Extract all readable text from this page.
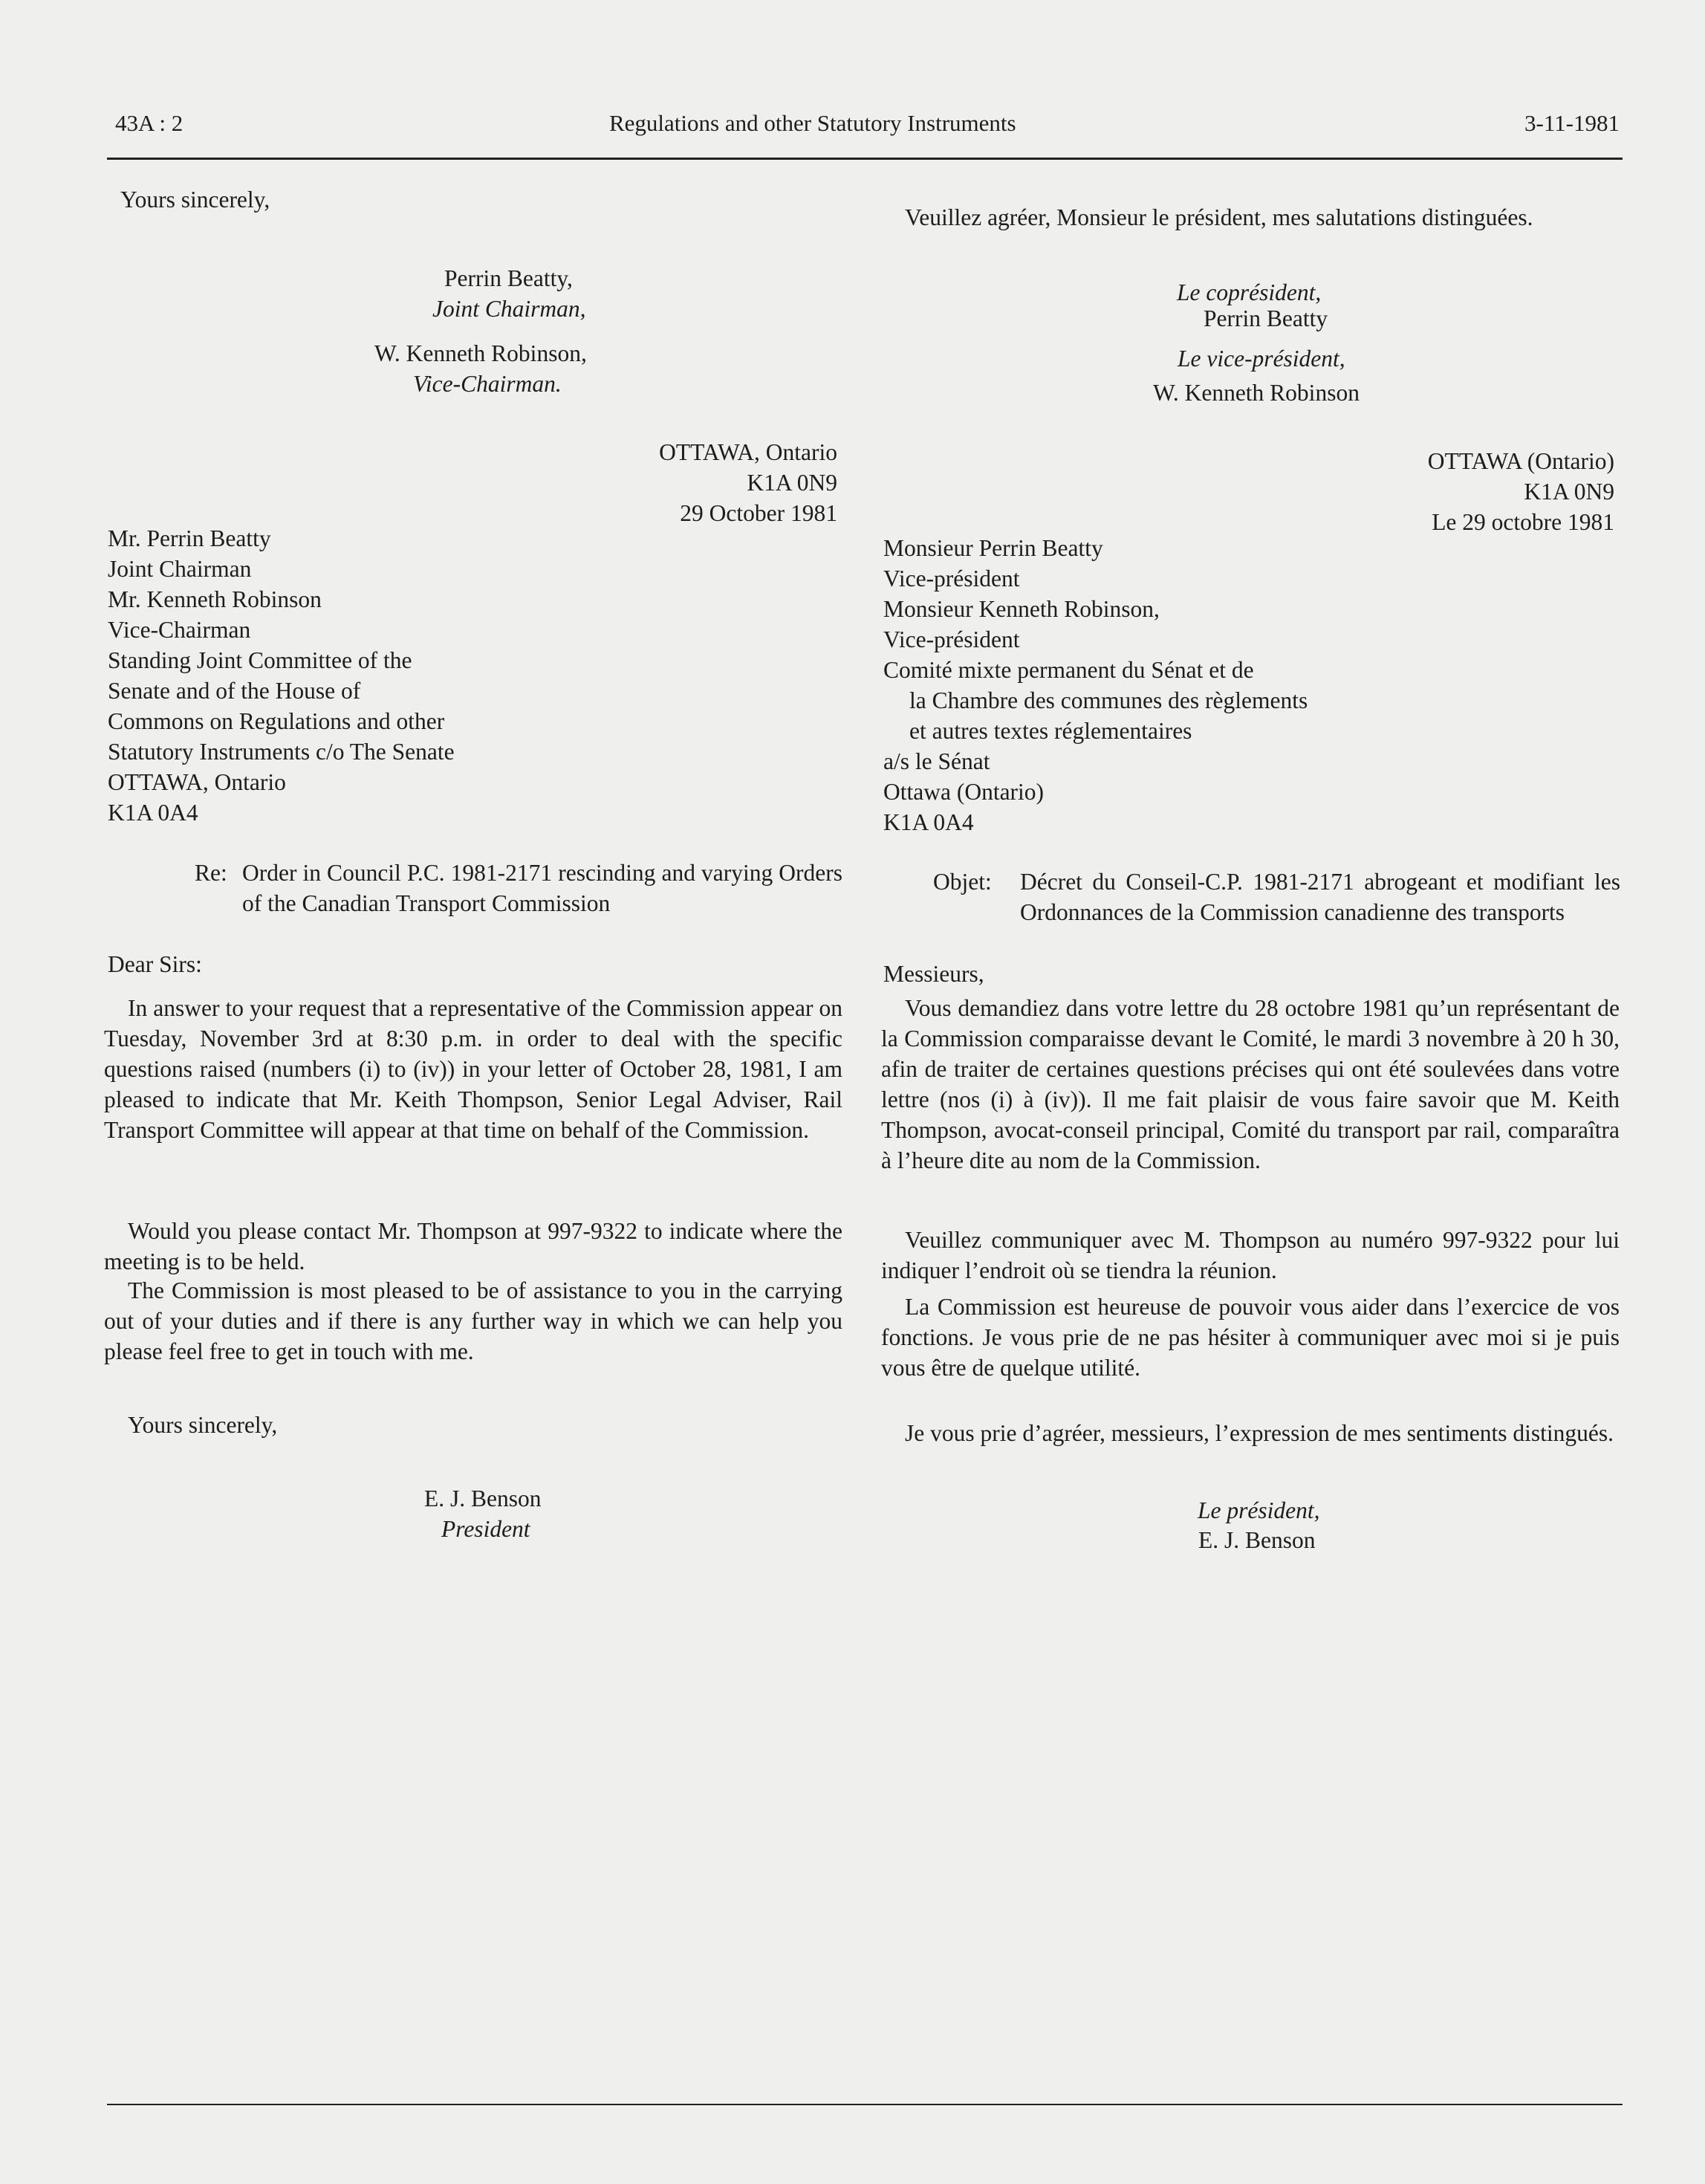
43A : 2	Regulations and other Statutory Instruments	3-11-1981
Yours sincerely,
Perrin Beatty,
Joint Chairman,
W. Kenneth Robinson,
Vice-Chairman.
OTTAWA, Ontario
K1A 0N9
29 October 1981
Mr. Perrin Beatty
Joint Chairman
Mr. Kenneth Robinson
Vice-Chairman
Standing Joint Committee of the
Senate and of the House of
Commons on Regulations and other
Statutory Instruments c/o The Senate
OTTAWA, Ontario
K1A 0A4
Re: Order in Council P.C. 1981-2171 rescinding and varying Orders of the Canadian Transport Commission
Dear Sirs:
In answer to your request that a representative of the Commission appear on Tuesday, November 3rd at 8:30 p.m. in order to deal with the specific questions raised (numbers (i) to (iv)) in your letter of October 28, 1981, I am pleased to indicate that Mr. Keith Thompson, Senior Legal Adviser, Rail Transport Committee will appear at that time on behalf of the Commission.
Would you please contact Mr. Thompson at 997-9322 to indicate where the meeting is to be held.
The Commission is most pleased to be of assistance to you in the carrying out of your duties and if there is any further way in which we can help you please feel free to get in touch with me.
Yours sincerely,
E. J. Benson
President
Veuillez agréer, Monsieur le président, mes salutations distinguées.
Le coprésident,
Perrin Beatty
Le vice-président,
W. Kenneth Robinson
OTTAWA (Ontario)
K1A 0N9
Le 29 octobre 1981
Monsieur Perrin Beatty
Vice-président
Monsieur Kenneth Robinson,
Vice-président
Comité mixte permanent du Sénat et de
la Chambre des communes des règlements
et autres textes réglementaires
a/s le Sénat
Ottawa (Ontario)
K1A 0A4
Objet: Décret du Conseil-C.P. 1981-2171 abrogeant et modifiant les Ordonnances de la Commission canadienne des transports
Messieurs,
Vous demandiez dans votre lettre du 28 octobre 1981 qu’un représentant de la Commission comparaisse devant le Comité, le mardi 3 novembre à 20 h 30, afin de traiter de certaines questions précises qui ont été soulevées dans votre lettre (nos (i) à (iv)). Il me fait plaisir de vous faire savoir que M. Keith Thompson, avocat-conseil principal, Comité du transport par rail, comparaîtra à l’heure dite au nom de la Commission.
Veuillez communiquer avec M. Thompson au numéro 997-9322 pour lui indiquer l’endroit où se tiendra la réunion.
La Commission est heureuse de pouvoir vous aider dans l’exercice de vos fonctions. Je vous prie de ne pas hésiter à communiquer avec moi si je puis vous être de quelque utilité.
Je vous prie d’agréer, messieurs, l’expression de mes sentiments distingués.
Le président,
E. J. Benson
